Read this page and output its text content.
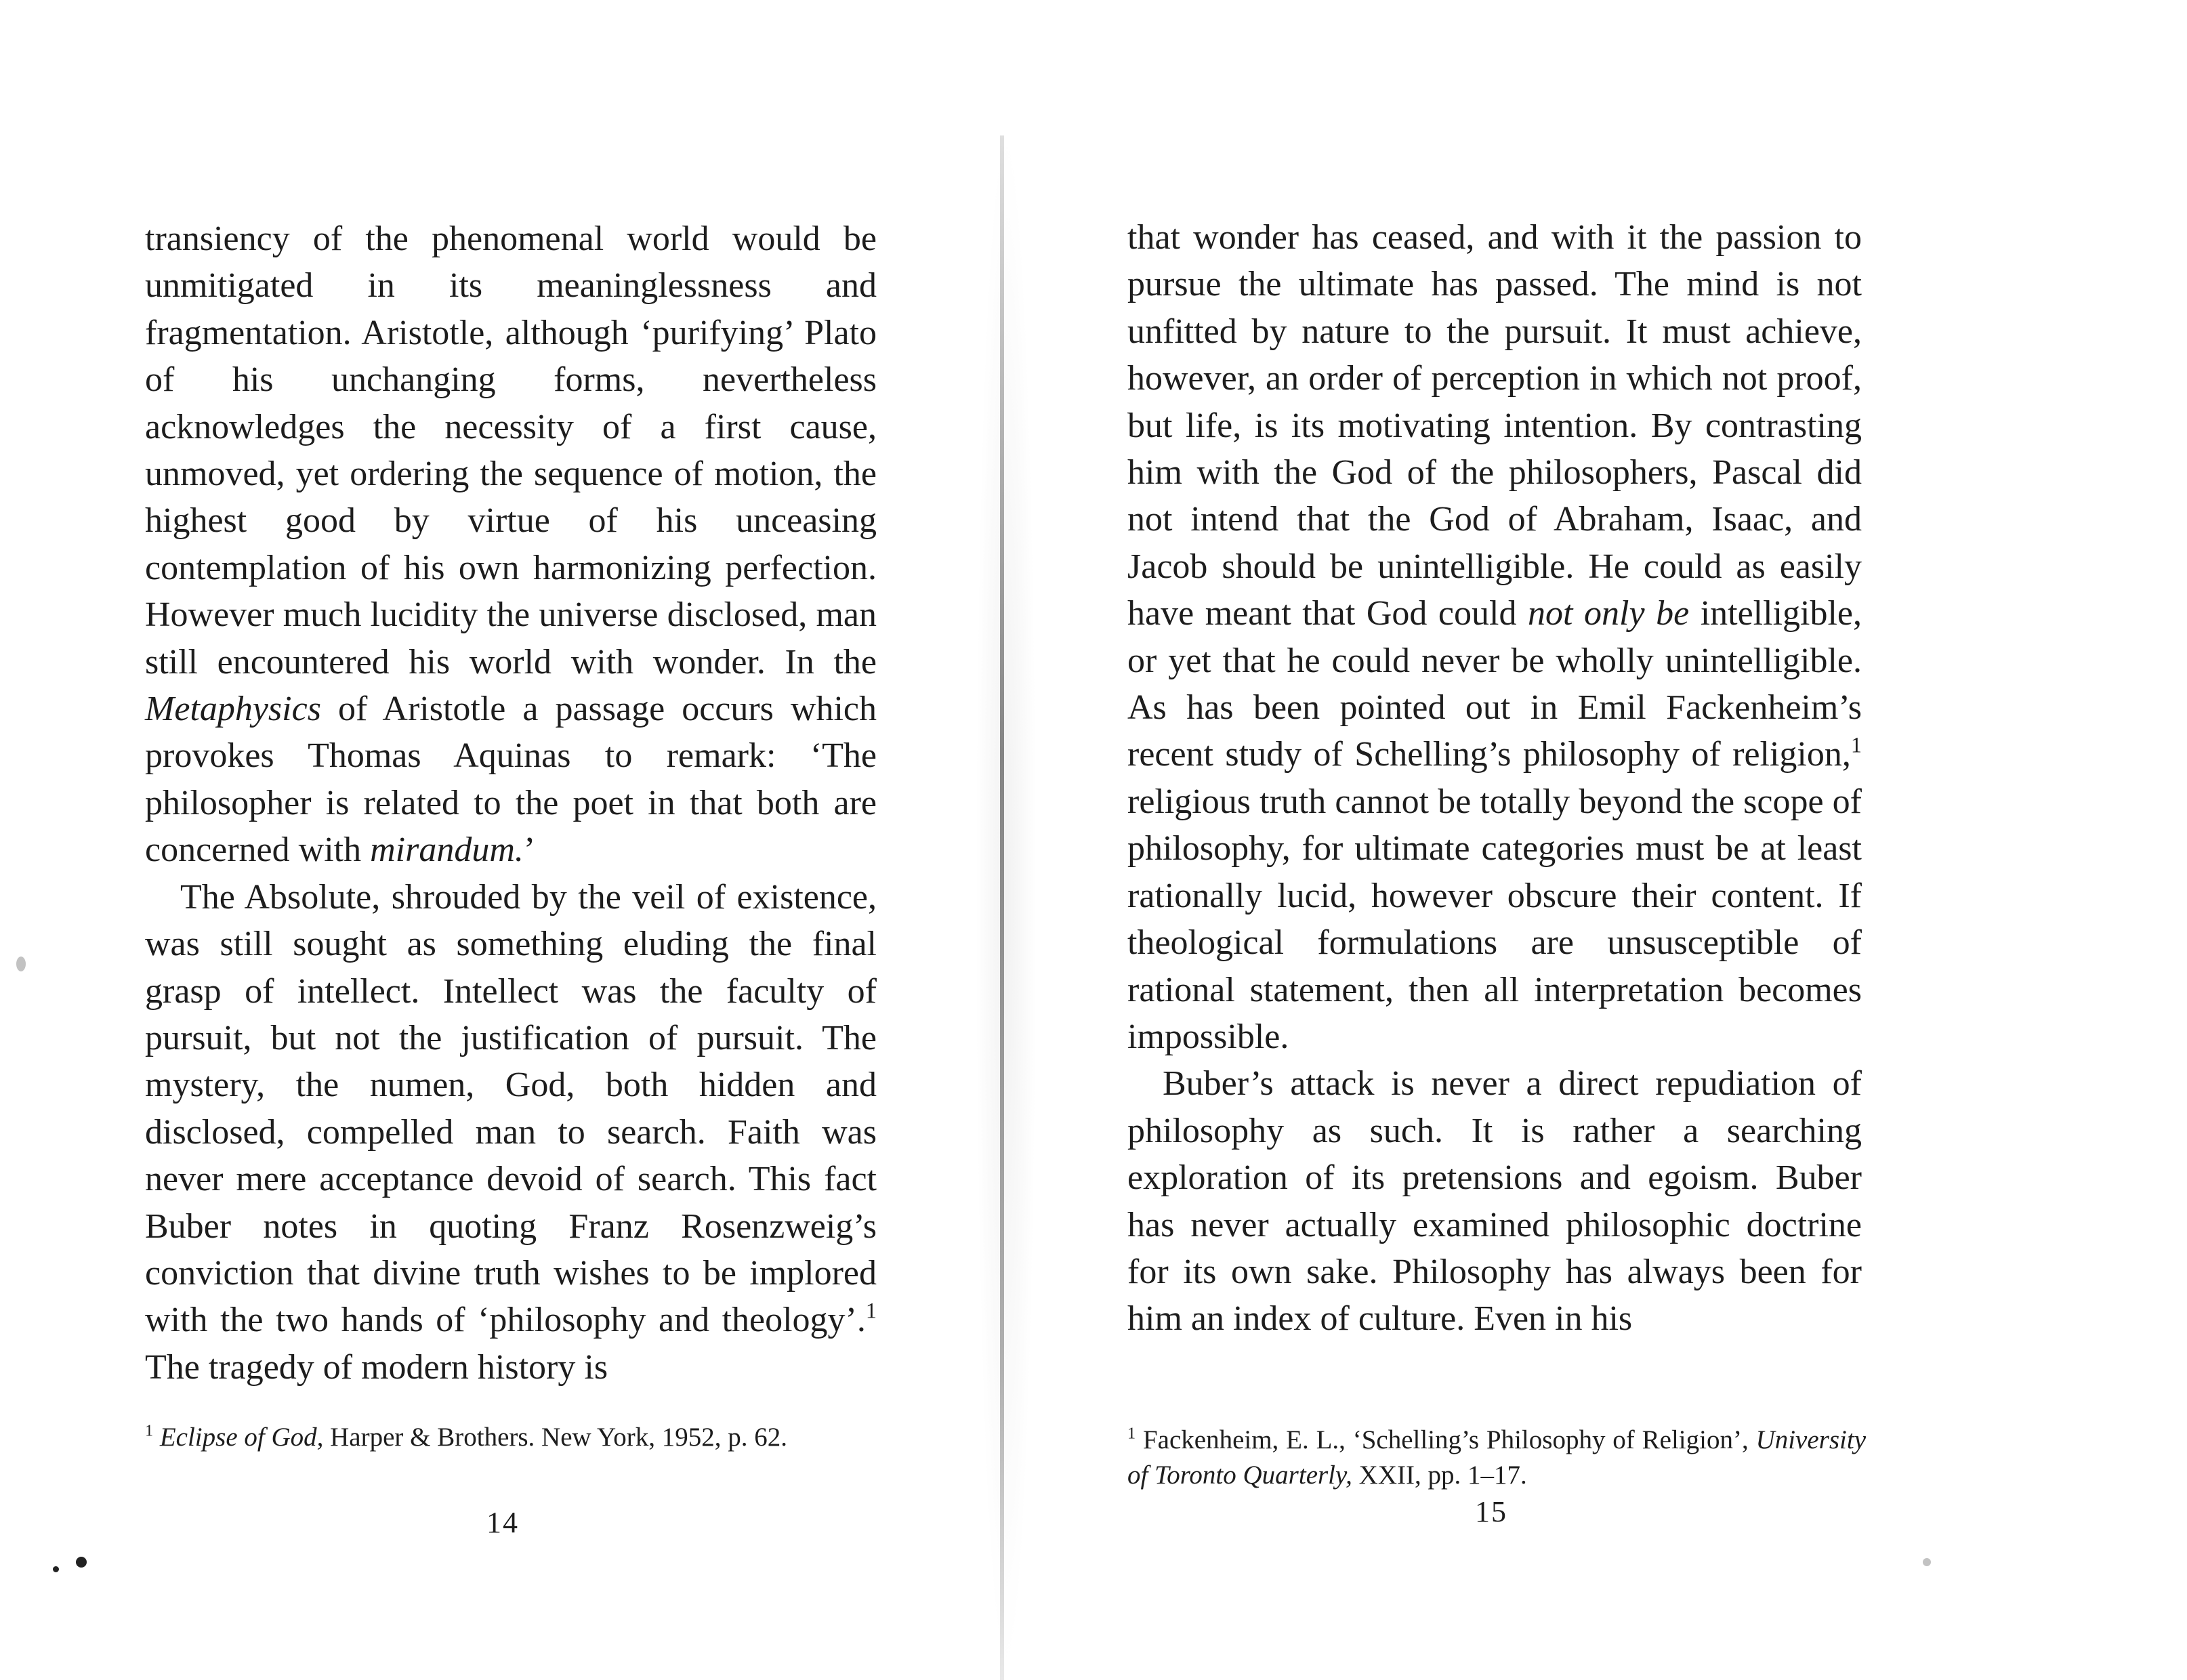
transiency of the phenomenal world would be unmitigated in its meaninglessness and fragmentation. Aristotle, although ‘purifying’ Plato of his unchanging forms, nevertheless acknowledges the necessity of a first cause, unmoved, yet ordering the sequence of motion, the highest good by virtue of his unceasing contemplation of his own harmonizing perfection. However much lucidity the universe disclosed, man still encountered his world with wonder. In the Metaphysics of Aristotle a passage occurs which provokes Thomas Aquinas to remark: ‘The philosopher is related to the poet in that both are concerned with mirandum.’

The Absolute, shrouded by the veil of existence, was still sought as something eluding the final grasp of intellect. Intellect was the faculty of pursuit, but not the justification of pursuit. The mystery, the numen, God, both hidden and disclosed, compelled man to search. Faith was never mere acceptance devoid of search. This fact Buber notes in quoting Franz Rosenzweig’s conviction that divine truth wishes to be implored with the two hands of ‘philosophy and theology’.$^1$ The tragedy of modern history is

$^1$ Eclipse of God, Harper & Brothers. New York, 1952, p. 62.
14

that wonder has ceased, and with it the passion to pursue the ultimate has passed. The mind is not unfitted by nature to the pursuit. It must achieve, however, an order of perception in which not proof, but life, is its motivating intention. By contrasting him with the God of the philosophers, Pascal did not intend that the God of Abraham, Isaac, and Jacob should be unintelligible. He could as easily have meant that God could not only be intelligible, or yet that he could never be wholly unintelligible. As has been pointed out in Emil Fackenheim’s recent study of Schelling’s philosophy of religion,$^1$ religious truth cannot be totally beyond the scope of philosophy, for ultimate categories must be at least rationally lucid, however obscure their content. If theological formulations are unsusceptible of rational statement, then all interpretation becomes impossible.

Buber’s attack is never a direct repudiation of philosophy as such. It is rather a searching exploration of its pretensions and egoism. Buber has never actually examined philosophic doctrine for its own sake. Philosophy has always been for him an index of culture. Even in his

$^1$ Fackenheim, E. L., ‘Schelling’s Philosophy of Religion’, University of Toronto Quarterly, XXII, pp. 1–17.
15
